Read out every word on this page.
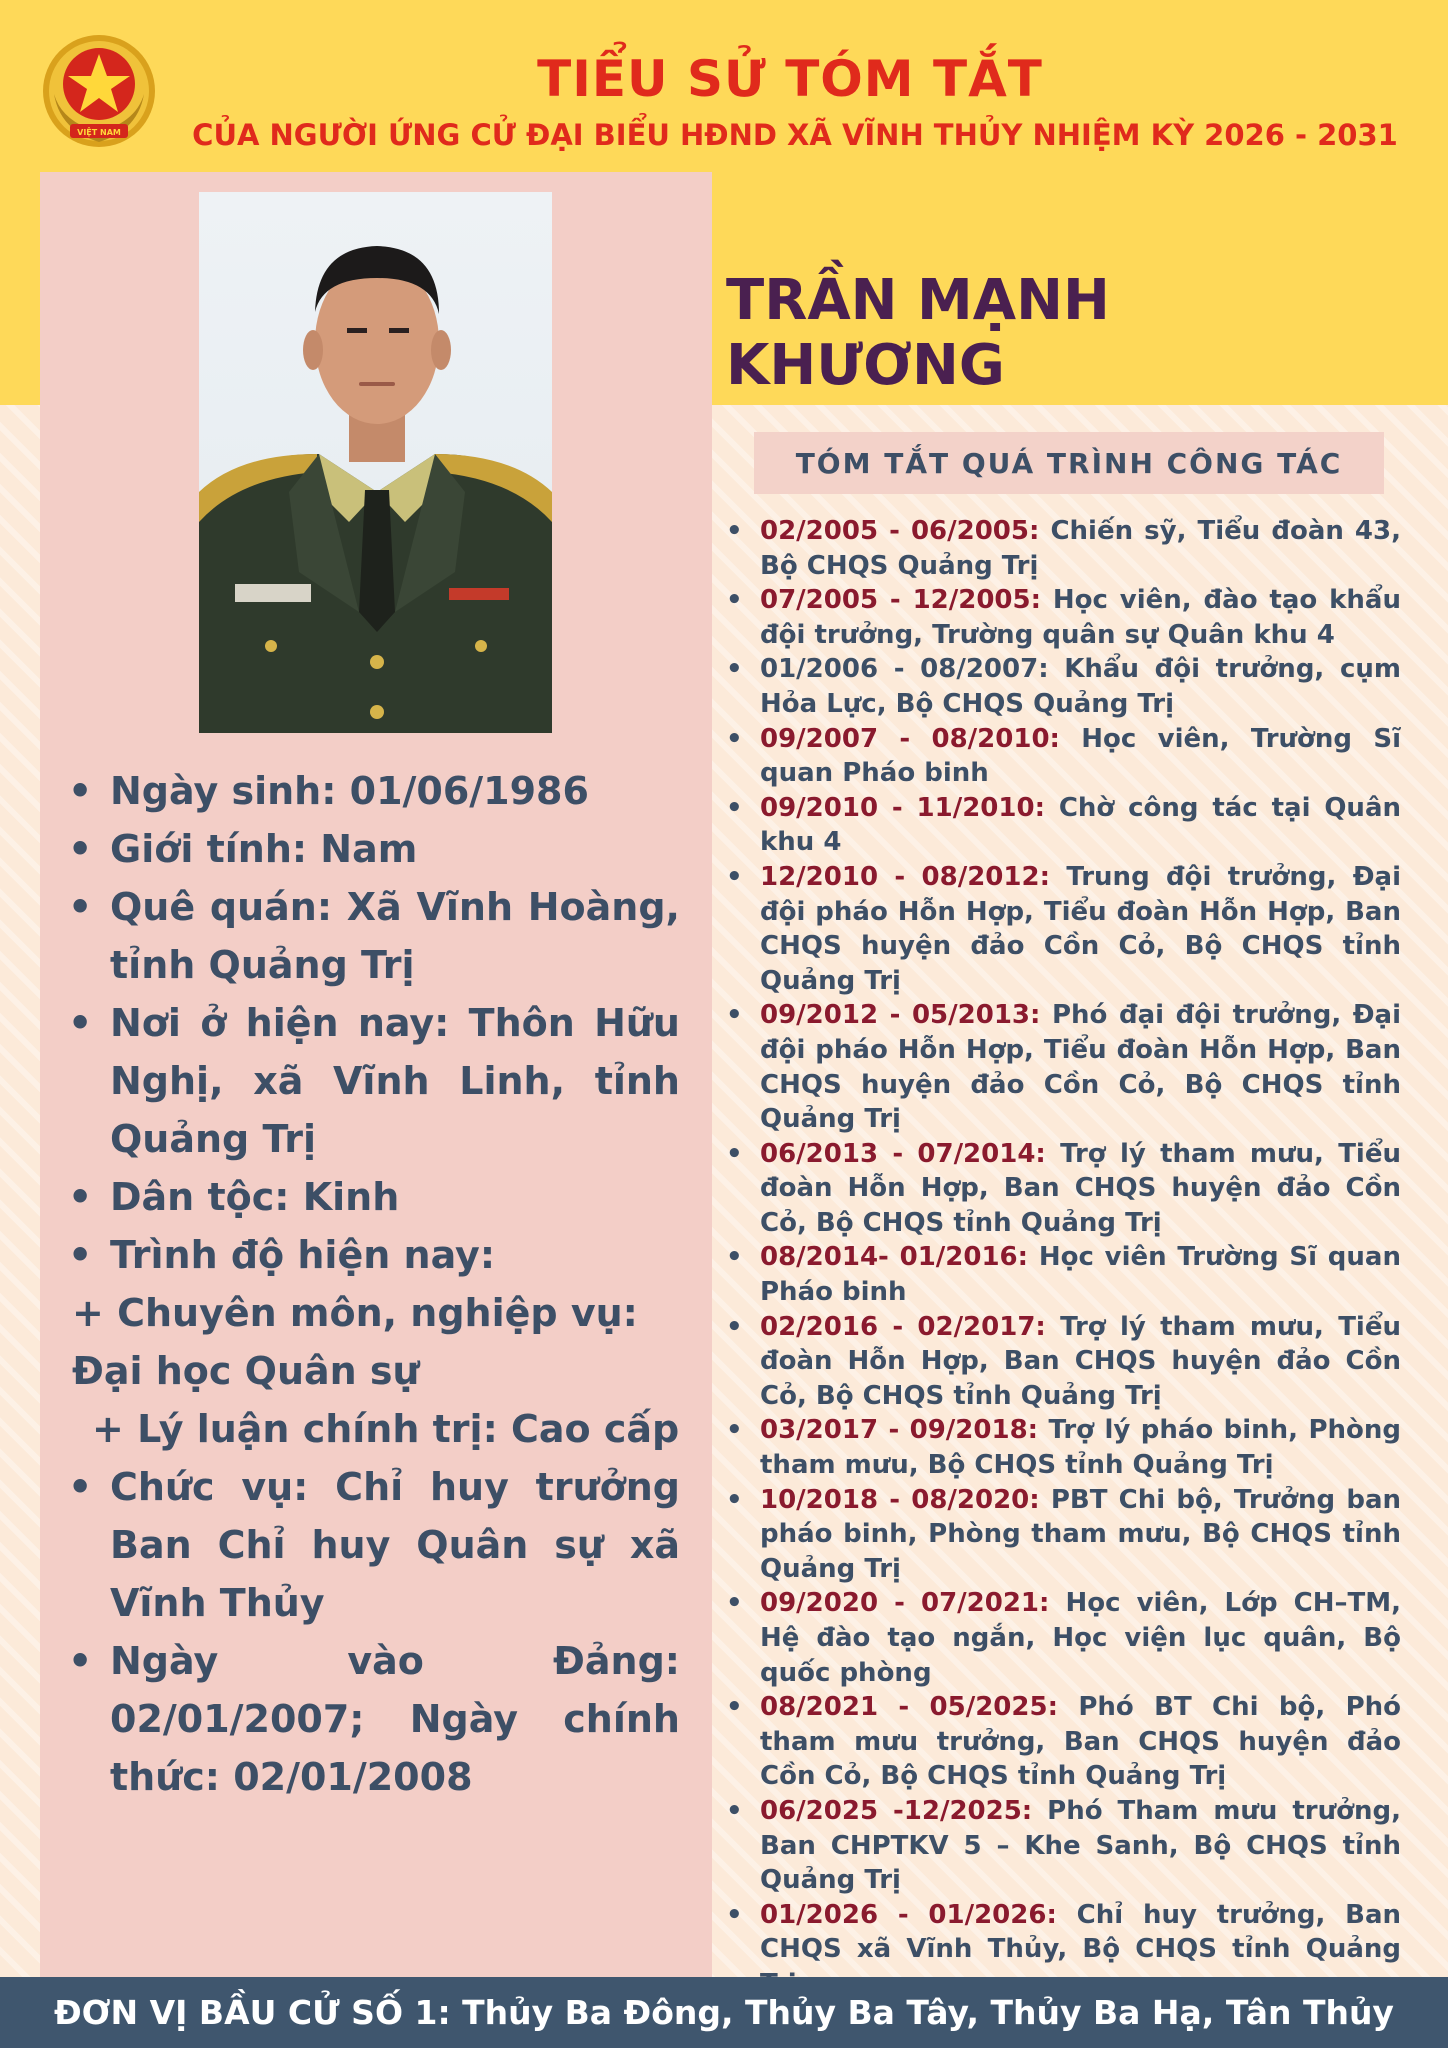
VIỆT NAM
TIỂU SỬ TÓM TẮT
CỦA NGƯỜI ỨNG CỬ ĐẠI BIỂU HĐND XÃ VĨNH THỦY NHIỆM KỲ 2026 - 2031
TRẦN MẠNH KHƯƠNG
TÓM TẮT QUÁ TRÌNH CÔNG TÁC
• Ngày sinh: 01/06/1986
• Giới tính: Nam
• Quê quán: Xã Vĩnh Hoàng, tỉnh Quảng Trị
• Nơi ở hiện nay: Thôn Hữu Nghị, xã Vĩnh Linh, tỉnh Quảng Trị
• Dân tộc: Kinh
• Trình độ hiện nay:
+ Chuyên môn, nghiệp vụ: Đại học Quân sự
+ Lý luận chính trị: Cao cấp
• Chức vụ: Chỉ huy trưởng Ban Chỉ huy Quân sự xã Vĩnh Thủy
• Ngày vào Đảng: 02/01/2007; Ngày chính thức: 02/01/2008
• 02/2005 - 06/2005: Chiến sỹ, Tiểu đoàn 43, Bộ CHQS Quảng Trị
• 07/2005 - 12/2005: Học viên, đào tạo khẩu đội trưởng, Trường quân sự Quân khu 4
• 01/2006 - 08/2007: Khẩu đội trưởng, cụm Hỏa Lực, Bộ CHQS Quảng Trị
• 09/2007 - 08/2010: Học viên, Trường Sĩ quan Pháo binh
• 09/2010 - 11/2010: Chờ công tác tại Quân khu 4
• 12/2010 - 08/2012: Trung đội trưởng, Đại đội pháo Hỗn Hợp, Tiểu đoàn Hỗn Hợp, Ban CHQS huyện đảo Cồn Cỏ, Bộ CHQS tỉnh Quảng Trị
• 09/2012 - 05/2013: Phó đại đội trưởng, Đại đội pháo Hỗn Hợp, Tiểu đoàn Hỗn Hợp, Ban CHQS huyện đảo Cồn Cỏ, Bộ CHQS tỉnh Quảng Trị
• 06/2013 - 07/2014: Trợ lý tham mưu, Tiểu đoàn Hỗn Hợp, Ban CHQS huyện đảo Cồn Cỏ, Bộ CHQS tỉnh Quảng Trị
• 08/2014- 01/2016: Học viên Trường Sĩ quan Pháo binh
• 02/2016 - 02/2017: Trợ lý tham mưu, Tiểu đoàn Hỗn Hợp, Ban CHQS huyện đảo Cồn Cỏ, Bộ CHQS tỉnh Quảng Trị
• 03/2017 - 09/2018: Trợ lý pháo binh, Phòng tham mưu, Bộ CHQS tỉnh Quảng Trị
• 10/2018 - 08/2020: PBT Chi bộ, Trưởng ban pháo binh, Phòng tham mưu, Bộ CHQS tỉnh Quảng Trị
• 09/2020 - 07/2021: Học viên, Lớp CH–TM, Hệ đào tạo ngắn, Học viện lục quân, Bộ quốc phòng
• 08/2021 - 05/2025: Phó BT Chi bộ, Phó tham mưu trưởng, Ban CHQS huyện đảo Cồn Cỏ, Bộ CHQS tỉnh Quảng Trị
• 06/2025 -12/2025: Phó Tham mưu trưởng, Ban CHPTKV 5 – Khe Sanh, Bộ CHQS tỉnh Quảng Trị
• 01/2026 - 01/2026: Chỉ huy trưởng, Ban CHQS xã Vĩnh Thủy, Bộ CHQS tỉnh Quảng
ĐƠN VỊ BẦU CỬ SỐ 1: Thủy Ba Đông, Thủy Ba Tây, Thủy Ba Hạ, Tân Thủy
